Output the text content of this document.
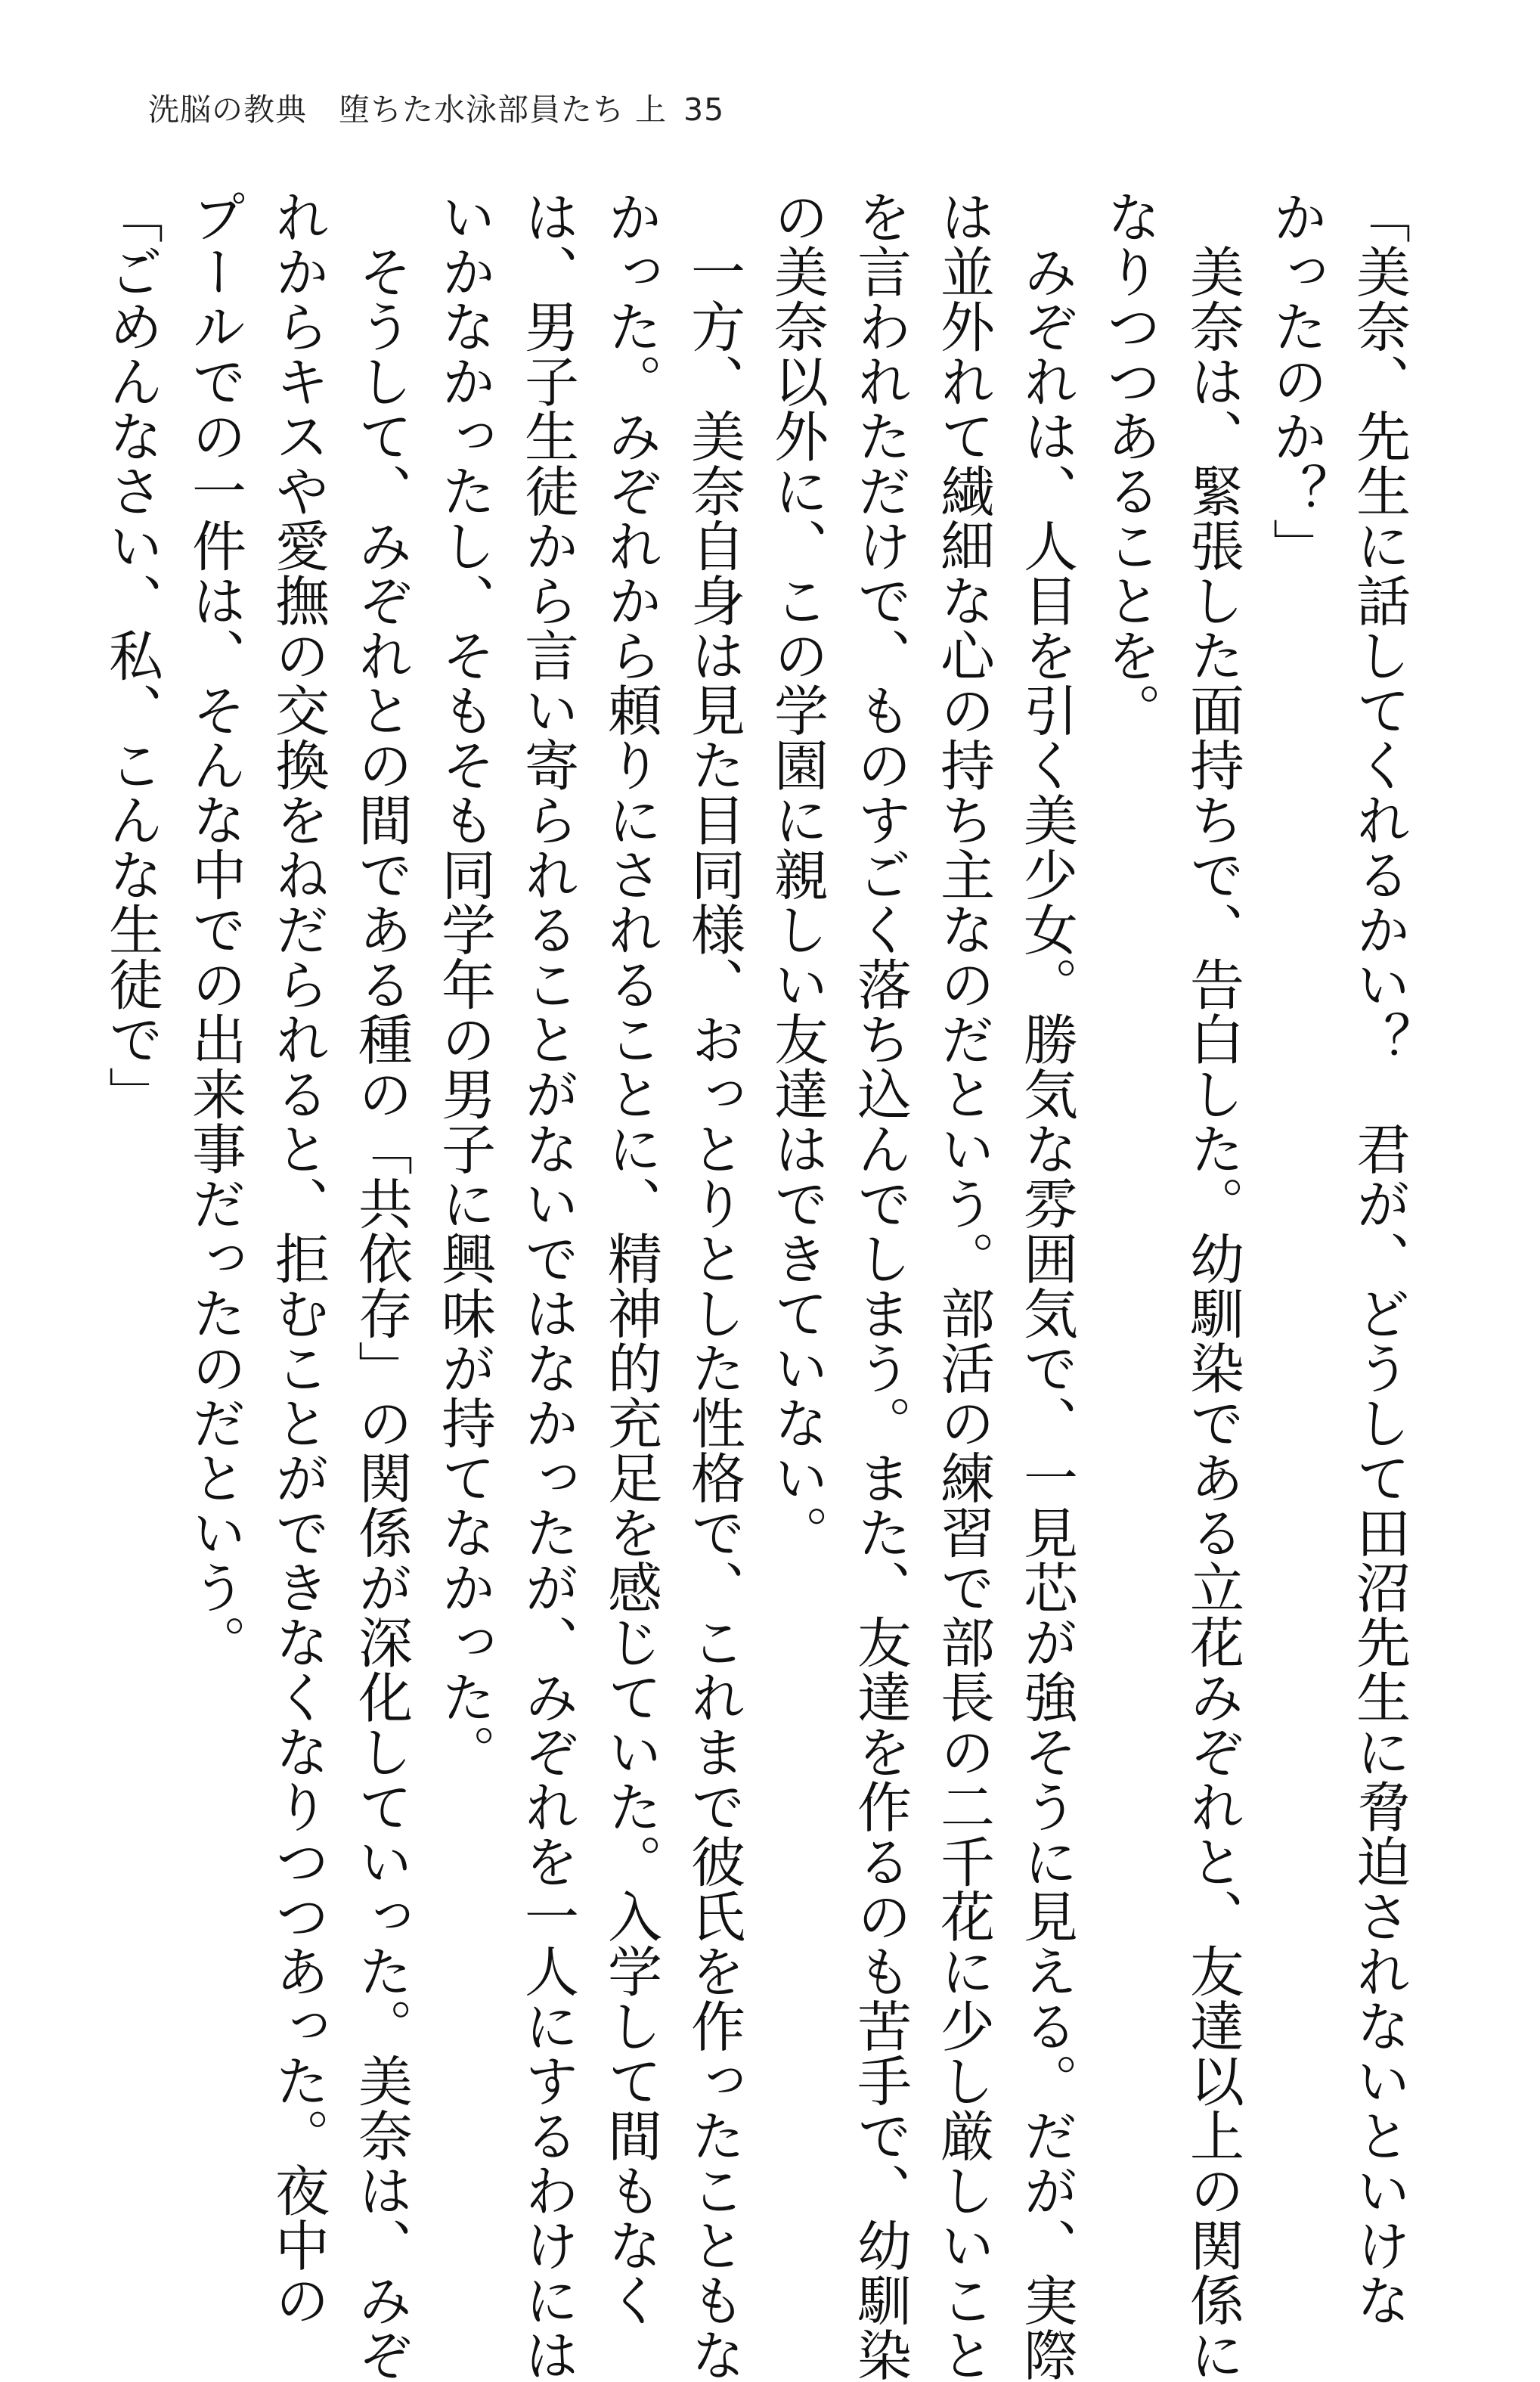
洗脳の教典　堕ちた水泳部員たち 上 35
「美奈、先生に話してくれるかい？　君が、どうして田沼先生に脅迫されないといけな
かったのか？」
　美奈は、緊張した面持ちで、告白した。幼馴染である立花みぞれと、友達以上の関係に
なりつつあることを。
　みぞれは、人目を引く美少女。勝気な雰囲気で、一見芯が強そうに見える。だが、実際
は並外れて繊細な心の持ち主なのだという。部活の練習で部長の二千花に少し厳しいこと
を言われただけで、ものすごく落ち込んでしまう。また、友達を作るのも苦手で、幼馴染
の美奈以外に、この学園に親しい友達はできていない。
　一方、美奈自身は見た目同様、おっとりとした性格で、これまで彼氏を作ったこともな
かった。みぞれから頼りにされることに、精神的充足を感じていた。入学して間もなく
は、男子生徒から言い寄られることがないではなかったが、みぞれを一人にするわけには
いかなかったし、そもそも同学年の男子に興味が持てなかった。
　そうして、みぞれとの間である種の「共依存」の関係が深化していった。美奈は、みぞ
れからキスや愛撫の交換をねだられると、拒むことができなくなりつつあった。夜中の
プールでの一件は、そんな中での出来事だったのだという。
「ごめんなさい、私、こんな生徒で」
